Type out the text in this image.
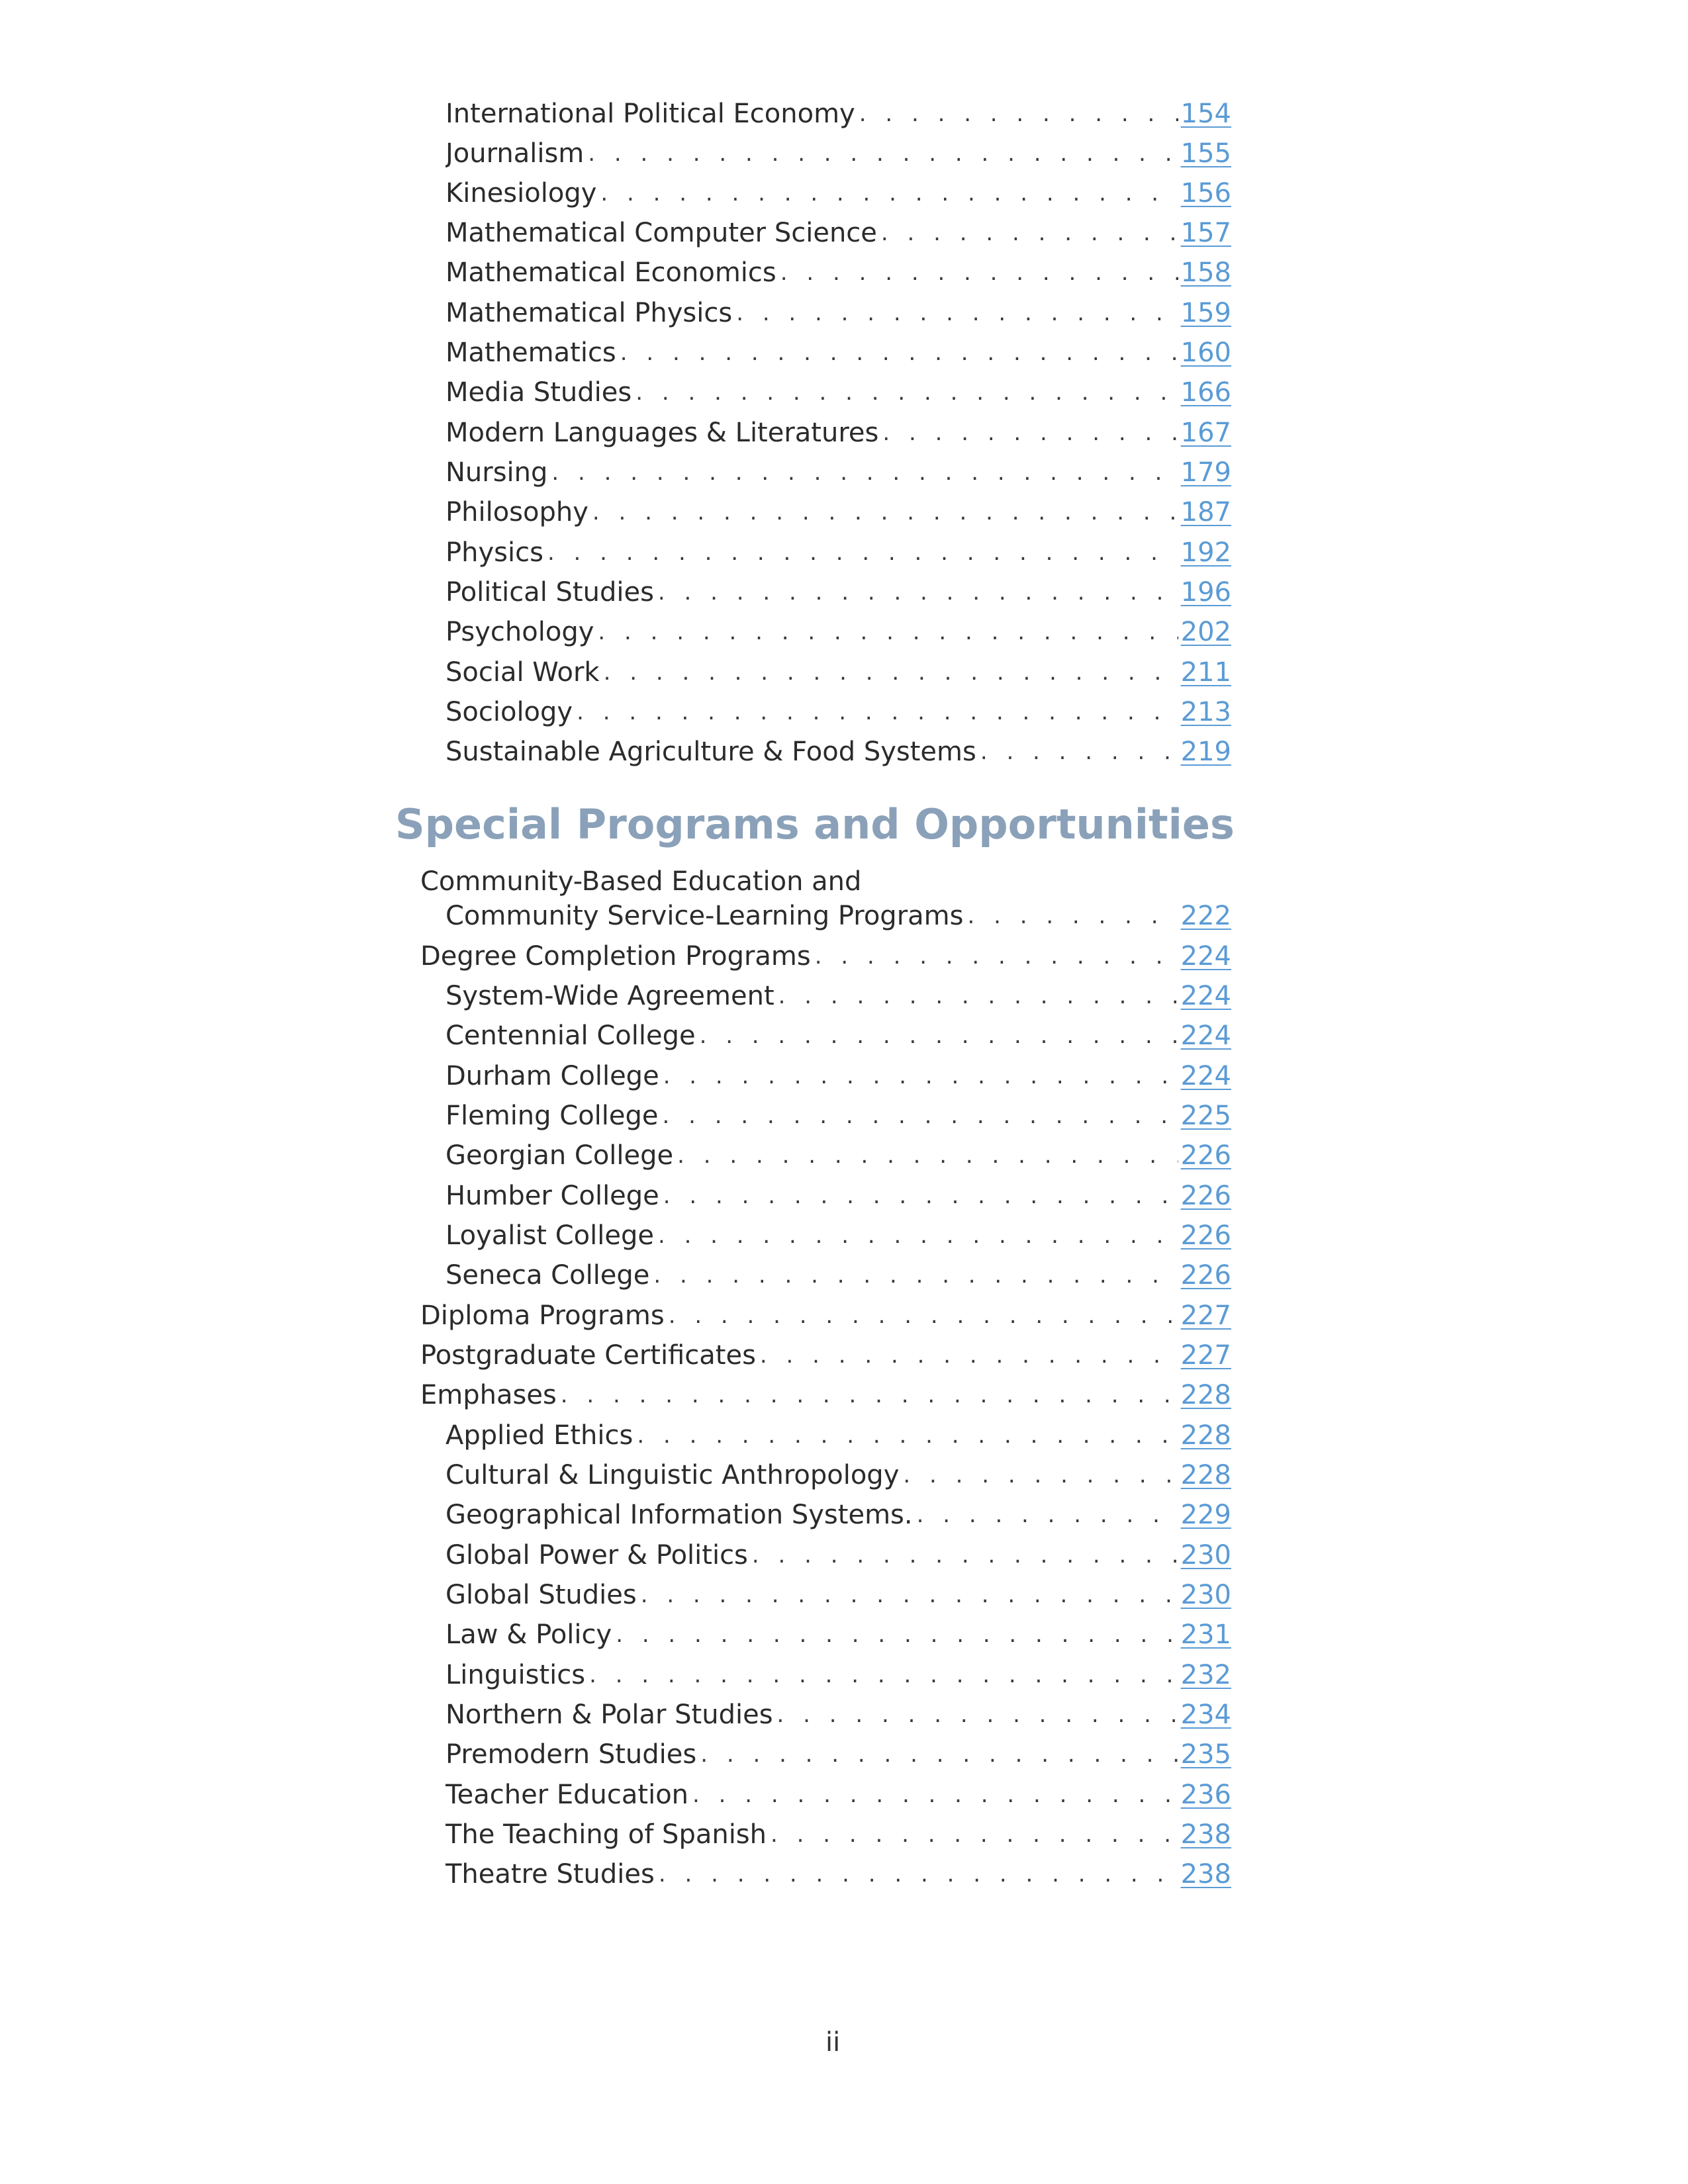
International Political Economy . . .	154
Journalism . . .	155
Kinesiology . . .	156
Mathematical Computer Science . . .	157
Mathematical Economics . . .	158
Mathematical Physics . . .	159
Mathematics . . .	160
Media Studies . . .	166
Modern Languages & Literatures . . .	167
Nursing . . .	179
Philosophy . . .	187
Physics . . .	192
Political Studies . . .	196
Psychology . . .	202
Social Work . . .	211
Sociology . . .	213
Sustainable Agriculture & Food Systems . . .	219
Special Programs and Opportunities
Community-Based Education and
Community Service-Learning Programs . . .	222
Degree Completion Programs . . .	224
System-Wide Agreement . . .	224
Centennial College . . .	224
Durham College . . .	224
Fleming College . . .	225
Georgian College . . .	226
Humber College . . .	226
Loyalist College . . .	226
Seneca College . . .	226
Diploma Programs . . .	227
Postgraduate Certificates . . .	227
Emphases . . .	228
Applied Ethics . . .	228
Cultural & Linguistic Anthropology . . .	228
Geographical Information Systems. . . .	229
Global Power & Politics . . .	230
Global Studies . . .	230
Law & Policy . . .	231
Linguistics . . .	232
Northern & Polar Studies . . .	234
Premodern Studies . . .	235
Teacher Education . . .	236
The Teaching of Spanish . . .	238
Theatre Studies . . .	238
ii
